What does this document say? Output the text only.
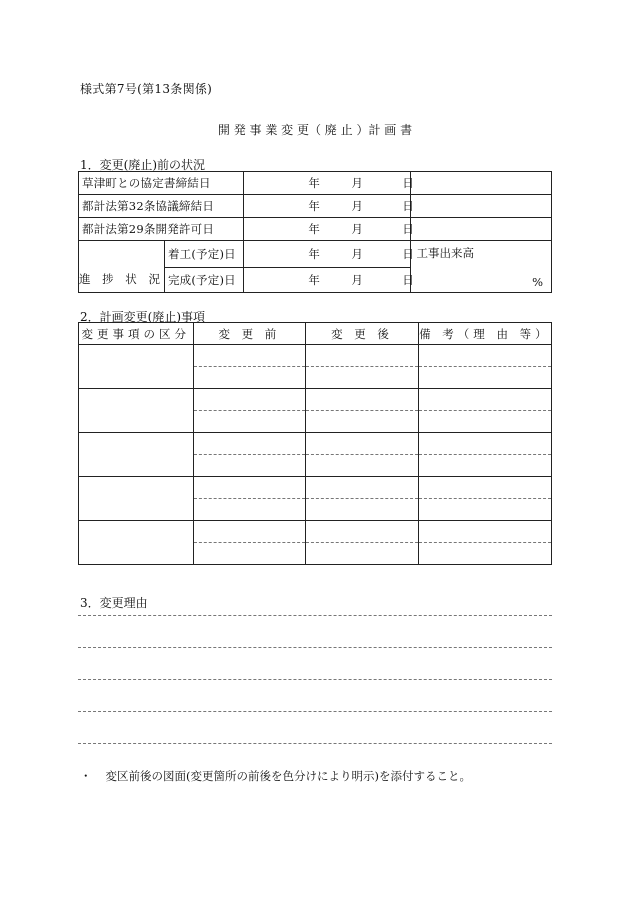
様式第7号(第13条関係)
開 発 事 業 変 更（ 廃 止 ）計 画 書
1．変更(廃止)前の状況
草津町との協定書締結日		年 月 日	

都計法第32条協議締結日		年 月 日	

都計法第29条開発許可日		年 月 日	

進 捗 状 況	着工(予定)日	年 月 日	工事出来高
	完成(予定)日	年 月 日	%
2．計画変更(廃止)事項
変更事項の区分	変 更 前	変 更 後	備 考（理 由 等）

3．変更理由
・ 変区前後の図面(変更箇所の前後を色分けにより明示)を添付すること。
